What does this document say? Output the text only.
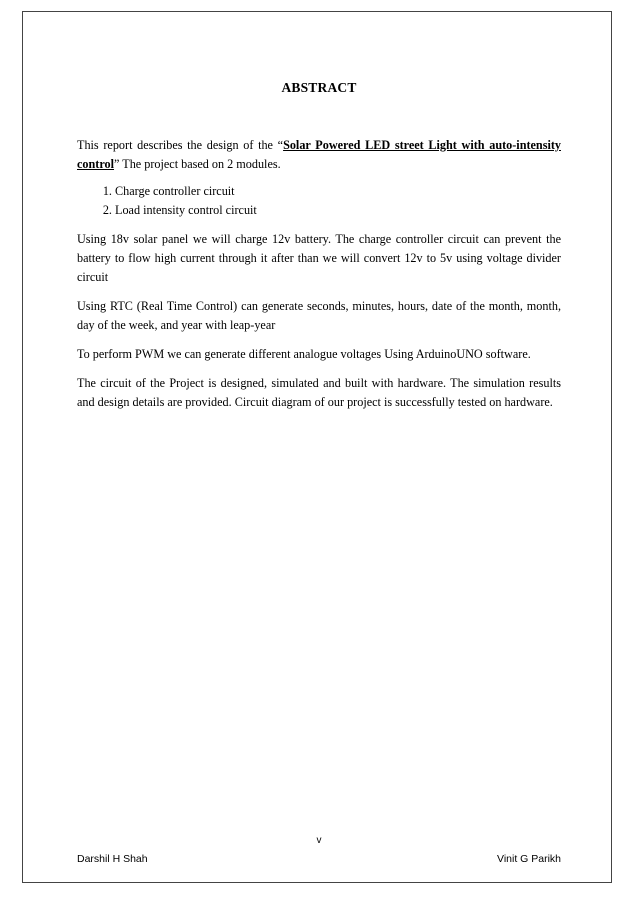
ABSTRACT

This report describes the design of the “Solar Powered LED street Light with auto-intensity control” The project based on 2 modules.

1. Charge controller circuit
2. Load intensity control circuit

Using 18v solar panel we will charge 12v battery. The charge controller circuit can prevent the battery to flow high current through it after than we will convert 12v to 5v using voltage divider circuit

Using RTC (Real Time Control) can generate seconds, minutes, hours, date of the month, month, day of the week, and year with leap-year

To perform PWM we can generate different analogue voltages Using ArduinoUNO software.

The circuit of the Project is designed, simulated and built with hardware. The simulation results and design details are provided. Circuit diagram of our project is successfully tested on hardware.

v
Darshil H Shah	Vinit G Parikh
